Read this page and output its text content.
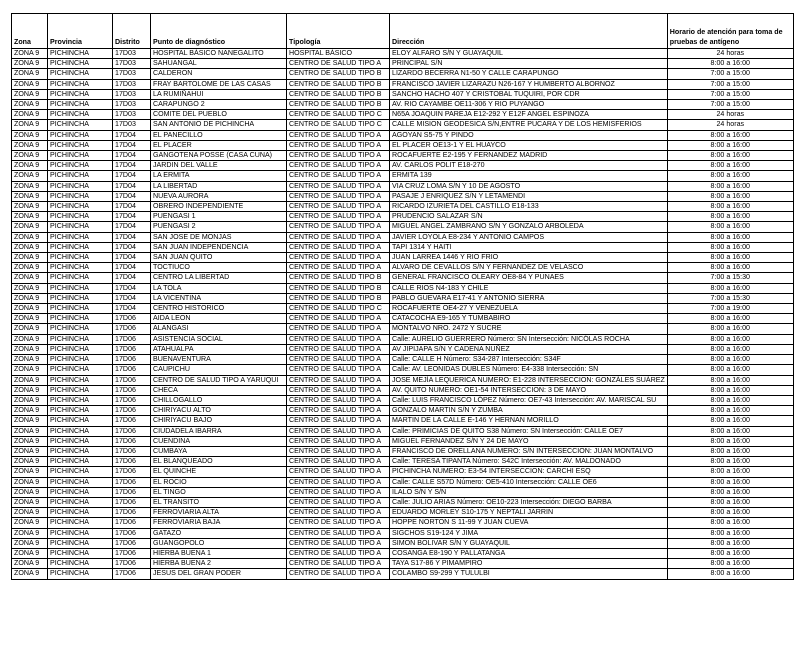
Zona	Provincia	Distrito	Punto de diagnóstico	Tipología	Dirección	Horario de atención para toma de pruebas de antígeno
ZONA 9	PICHINCHA	17D03	HOSPITAL BÁSICO NANEGALITO	HOSPITAL BÁSICO	ELOY ALFARO S/N Y GUAYAQUIL	24 horas
ZONA 9	PICHINCHA	17D03	SAHUANGAL	CENTRO DE SALUD TIPO A	PRINCIPAL S/N	8:00 a 16:00
ZONA 9	PICHINCHA	17D03	CALDERON	CENTRO DE SALUD TIPO B	LIZARDO BECERRA N1-50 Y CALLE CARAPUNGO	7:00 a 15:00
ZONA 9	PICHINCHA	17D03	FRAY BARTOLOME DE LAS CASAS	CENTRO DE SALUD TIPO B	FRANCISCO JAVIER LIZARAZU N26-167 Y HUMBERTO ALBORNOZ	7:00 a 15:00
ZONA 9	PICHINCHA	17D03	LA RUMIÑAHUI	CENTRO DE SALUD TIPO B	SANCHO HACHO 407 Y CRISTOBAL TUQUIRI, POR CDR	7:00 a 15:00
ZONA 9	PICHINCHA	17D03	CARAPUNGO 2	CENTRO DE SALUD TIPO B	AV. RIO CAYAMBE OE11-306 Y RIO PUYANGO	7:00 a 15:00
ZONA 9	PICHINCHA	17D03	COMITE DEL PUEBLO	CENTRO DE SALUD TIPO C	N65A JOAQUIN PAREJA E12-292 Y E12F ANGEL ESPINOZA	24 horas
ZONA 9	PICHINCHA	17D03	SAN ANTONIO DE PICHINCHA	CENTRO DE SALUD TIPO C	CALLE MISION GEODESICA S/N,ENTRE PUCARA Y DE LOS HEMISFERIOS	24 horas
ZONA 9	PICHINCHA	17D04	EL PANECILLO	CENTRO DE SALUD TIPO A	AGOYAN S5-75 Y PINDO	8:00 a 16:00
ZONA 9	PICHINCHA	17D04	EL PLACER	CENTRO DE SALUD TIPO A	EL PLACER OE13-1 Y EL HUAYCO	8:00 a 16:00
ZONA 9	PICHINCHA	17D04	GANGOTENA POSSE (CASA CUNA)	CENTRO DE SALUD TIPO A	ROCAFUERTE E2-195 Y FERNANDEZ MADRID	8:00 a 16:00
ZONA 9	PICHINCHA	17D04	JARDIN DEL VALLE	CENTRO DE SALUD TIPO A	AV. CARLOS POLIT E18-270	8:00 a 16:00
ZONA 9	PICHINCHA	17D04	LA ERMITA	CENTRO DE SALUD TIPO A	ERMITA 139	8:00 a 16:00
ZONA 9	PICHINCHA	17D04	LA LIBERTAD	CENTRO DE SALUD TIPO A	VIA CRUZ LOMA S/N Y 10 DE AGOSTO	8:00 a 16:00
ZONA 9	PICHINCHA	17D04	NUEVA AURORA	CENTRO DE SALUD TIPO A	PASAJE J ENRIQUEZ S/N Y LETAMENDI	8:00 a 16:00
ZONA 9	PICHINCHA	17D04	OBRERO INDEPENDIENTE	CENTRO DE SALUD TIPO A	RICARDO IZURIETA DEL CASTILLO E18-133	8:00 a 16:00
ZONA 9	PICHINCHA	17D04	PUENGASI 1	CENTRO DE SALUD TIPO A	PRUDENCIO SALAZAR S/N	8:00 a 16:00
ZONA 9	PICHINCHA	17D04	PUENGASI 2	CENTRO DE SALUD TIPO A	MIGUEL ANGEL ZAMBRANO S/N Y GONZALO ARBOLEDA	8:00 a 16:00
ZONA 9	PICHINCHA	17D04	SAN JOSE DE MONJAS	CENTRO DE SALUD TIPO A	JAVIER LOYOLA E8-234 Y ANTONIO CAMPOS	8:00 a 16:00
ZONA 9	PICHINCHA	17D04	SAN JUAN INDEPENDENCIA	CENTRO DE SALUD TIPO A	TAPI 1314 Y HAITI	8:00 a 16:00
ZONA 9	PICHINCHA	17D04	SAN JUAN QUITO	CENTRO DE SALUD TIPO A	JUAN LARREA 1446 Y RIO FRIO	8:00 a 16:00
ZONA 9	PICHINCHA	17D04	TOCTIUCO	CENTRO DE SALUD TIPO A	ALVARO DE CEVALLOS S/N Y FERNANDEZ DE VELASCO	8:00 a 16:00
ZONA 9	PICHINCHA	17D04	CENTRO LA LIBERTAD	CENTRO DE SALUD TIPO B	GENERAL FRANCISCO OLEARY OE8-84 Y PUNAES	7:00 a 15:30
ZONA 9	PICHINCHA	17D04	LA TOLA	CENTRO DE SALUD TIPO B	CALLE RIOS N4-183 Y CHILE	8:00 a 16:00
ZONA 9	PICHINCHA	17D04	LA VICENTINA	CENTRO DE SALUD TIPO B	PABLO GUEVARA E17-41 Y ANTONIO SIERRA	7:00 a 15:30
ZONA 9	PICHINCHA	17D04	CENTRO HISTORICO	CENTRO DE SALUD TIPO C	ROCAFUERTE OE4-27 Y VENEZUELA	7:00 a 19:00
ZONA 9	PICHINCHA	17D06	AIDA LEON	CENTRO DE SALUD TIPO A	CATACOCHA E9-165 Y TUMBABIRO	8:00 a 16:00
ZONA 9	PICHINCHA	17D06	ALANGASI	CENTRO DE SALUD TIPO A	MONTALVO NRO. 2472 Y SUCRE	8:00 a 16:00
ZONA 9	PICHINCHA	17D06	ASISTENCIA SOCIAL	CENTRO DE SALUD TIPO A	Calle: AURELIO GUERRERO Número: SN Intersección: NICÓLAS ROCHA	8:00 a 16:00
ZONA 9	PICHINCHA	17D06	ATAHUALPA	CENTRO DE SALUD TIPO A	AV JIPIJAPA S/N Y CADENA NUÑEZ	8:00 a 16:00
ZONA 9	PICHINCHA	17D06	BUENAVENTURA	CENTRO DE SALUD TIPO A	Calle: CALLE H Número: S34-287 Intersección: S34F	8:00 a 16:00
ZONA 9	PICHINCHA	17D06	CAUPICHU	CENTRO DE SALUD TIPO A	Calle: AV. LEONIDAS DUBLES Número: E4-338 Intersección: SN	8:00 a 16:00
ZONA 9	PICHINCHA	17D06	CENTRO DE SALUD TIPO A YARUQUI	CENTRO DE SALUD TIPO A	JOSE MEJÍA LEQUERICA NUMERO: E1-228 INTERSECCION: GONZÁLES SUÁREZ	8:00 a 16:00
ZONA 9	PICHINCHA	17D06	CHECA	CENTRO DE SALUD TIPO A	AV. QUITO NUMERO: OE1-54 INTERSECCION: 3 DE MAYO	8:00 a 16:00
ZONA 9	PICHINCHA	17D06	CHILLOGALLO	CENTRO DE SALUD TIPO A	Calle: LUIS FRANCISCO LÓPEZ Número: OE7-43 Intersección: AV. MARISCAL SU	8:00 a 16:00
ZONA 9	PICHINCHA	17D06	CHIRIYACU ALTO	CENTRO DE SALUD TIPO A	GONZALO MARTIN S/N Y ZUMBA	8:00 a 16:00
ZONA 9	PICHINCHA	17D06	CHIRIYACU BAJO	CENTRO DE SALUD TIPO A	MARTIN DE LA CALLE E-146 Y HERNAN MORILLO	8:00 a 16:00
ZONA 9	PICHINCHA	17D06	CIUDADELA IBARRA	CENTRO DE SALUD TIPO A	Calle: PRIMICIAS DE QUITO S38 Número: SN Intersección: CALLE OE7	8:00 a 16:00
ZONA 9	PICHINCHA	17D06	CUENDINA	CENTRO DE SALUD TIPO A	MIGUEL FERNANDEZ S/N Y 24 DE MAYO	8:00 a 16:00
ZONA 9	PICHINCHA	17D06	CUMBAYA	CENTRO DE SALUD TIPO A	FRANCISCO DE ORELLANA NUMERO: S/N INTERSECCION: JUAN MONTALVO	8:00 a 16:00
ZONA 9	PICHINCHA	17D06	EL BLANQUEADO	CENTRO DE SALUD TIPO A	Calle: TERESA TIPANTA Número: S42C Intersección: AV. MALDONADO	8:00 a 16:00
ZONA 9	PICHINCHA	17D06	EL QUINCHE	CENTRO DE SALUD TIPO A	PICHINCHA NUMERO: E3-54 INTERSECCION: CARCHI ESQ	8:00 a 16:00
ZONA 9	PICHINCHA	17D06	EL ROCIO	CENTRO DE SALUD TIPO A	Calle: CALLE S57D Número: OE5-410 Intersección: CALLE OE6	8:00 a 16:00
ZONA 9	PICHINCHA	17D06	EL TINGO	CENTRO DE SALUD TIPO A	ILALO S/N Y S/N	8:00 a 16:00
ZONA 9	PICHINCHA	17D06	EL TRANSITO	CENTRO DE SALUD TIPO A	Calle: JULIO ARIAS Número: OE10-223 Intersección: DIEGO BARBA	8:00 a 16:00
ZONA 9	PICHINCHA	17D06	FERROVIARIA ALTA	CENTRO DE SALUD TIPO A	EDUARDO MORLEY S10-175 Y NEPTALI JARRIN	8:00 a 16:00
ZONA 9	PICHINCHA	17D06	FERROVIARIA BAJA	CENTRO DE SALUD TIPO A	HOPPE NORTON S 11-99 Y JUAN CUEVA	8:00 a 16:00
ZONA 9	PICHINCHA	17D06	GATAZO	CENTRO DE SALUD TIPO A	SIGCHOS S19-124 Y JIMA	8:00 a 16:00
ZONA 9	PICHINCHA	17D06	GUANGOPOLO	CENTRO DE SALUD TIPO A	SIMON BOLIVAR S/N Y GUAYAQUIL	8:00 a 16:00
ZONA 9	PICHINCHA	17D06	HIERBA BUENA 1	CENTRO DE SALUD TIPO A	COSANGA E8-190 Y PALLATANGA	8:00 a 16:00
ZONA 9	PICHINCHA	17D06	HIERBA BUENA 2	CENTRO DE SALUD TIPO A	TAYA S17-86 Y PIMAMPIRO	8:00 a 16:00
ZONA 9	PICHINCHA	17D06	JESUS DEL GRAN PODER	CENTRO DE SALUD TIPO A	COLAMBO S9-299 Y TULULBI	8:00 a 16:00
